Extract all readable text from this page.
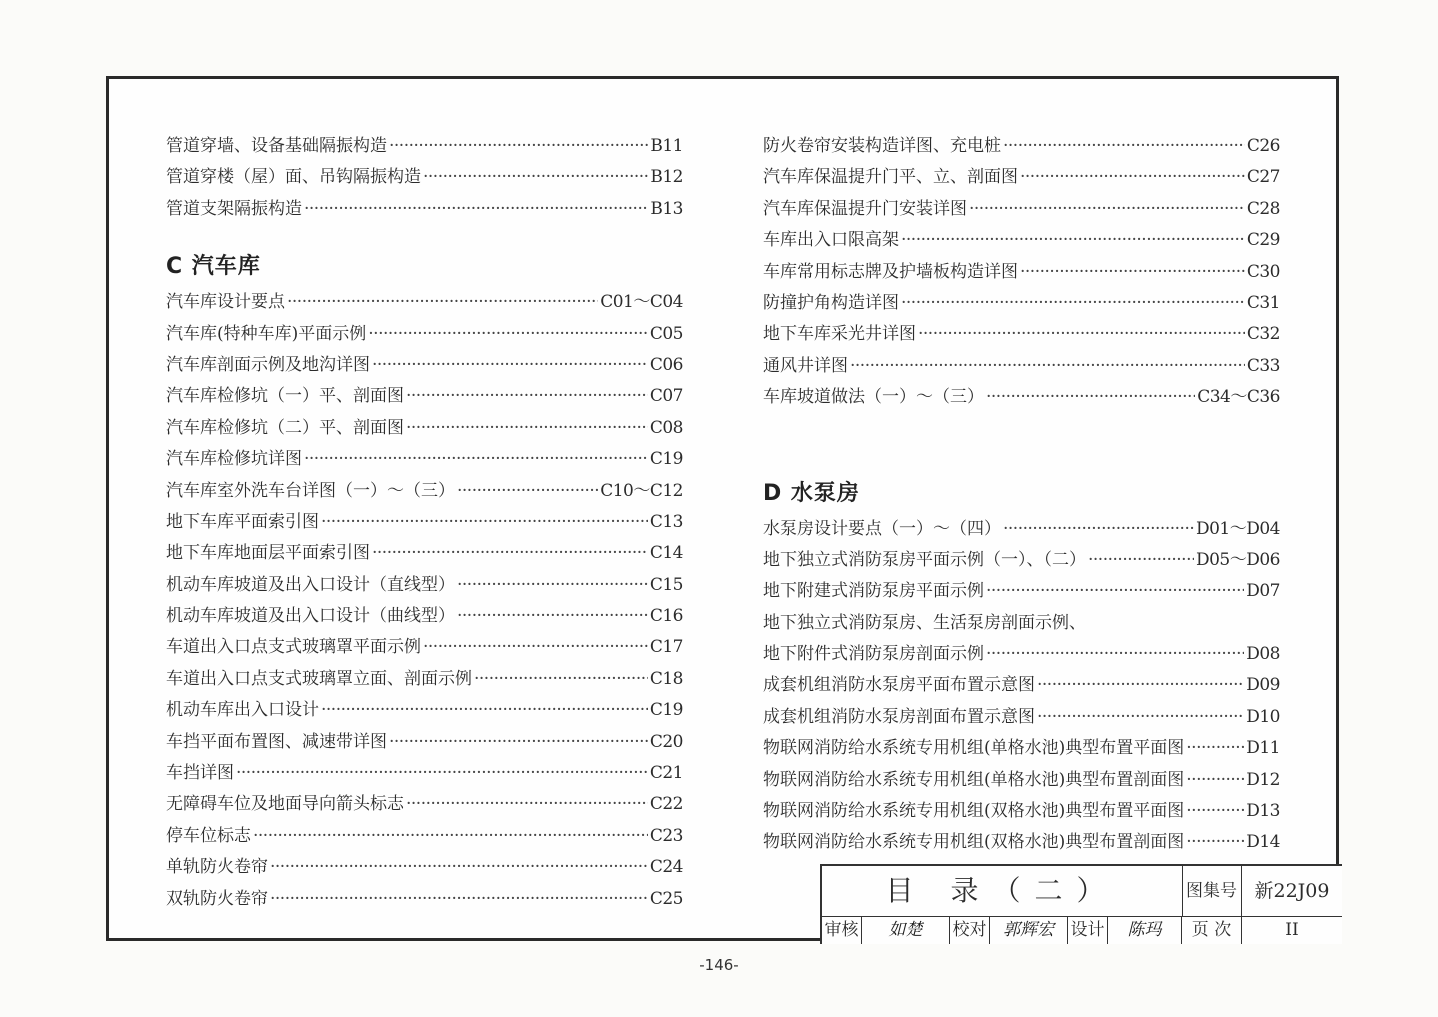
管道穿墙、设备基础隔振构造 ·····	B11
管道穿楼（屋）面、吊钩隔振构造 ·····	B12
管道支架隔振构造 ·····	B13
C 汽车库
汽车库设计要点 ·····	C01～C04
汽车库(特种车库)平面示例 ·····	C05
汽车库剖面示例及地沟详图 ·····	C06
汽车库检修坑（一）平、剖面图 ·····	C07
汽车库检修坑（二）平、剖面图 ·····	C08
汽车库检修坑详图 ·····	C19
汽车库室外洗车台详图（一）～（三） ·····	C10～C12
地下车库平面索引图 ·····	C13
地下车库地面层平面索引图 ·····	C14
机动车库坡道及出入口设计（直线型） ·····	C15
机动车库坡道及出入口设计（曲线型） ·····	C16
车道出入口点支式玻璃罩平面示例 ·····	C17
车道出入口点支式玻璃罩立面、剖面示例 ·····	C18
机动车库出入口设计 ·····	C19
车挡平面布置图、减速带详图 ·····	C20
车挡详图 ·····	C21
无障碍车位及地面导向箭头标志 ·····	C22
停车位标志 ·····	C23
单轨防火卷帘 ·····	C24
双轨防火卷帘 ·····	C25
防火卷帘安装构造详图、充电桩 ·····	C26
汽车库保温提升门平、立、剖面图 ·····	C27
汽车库保温提升门安装详图 ·····	C28
车库出入口限高架 ·····	C29
车库常用标志牌及护墙板构造详图 ·····	C30
防撞护角构造详图 ·····	C31
地下车库采光井详图 ·····	C32
通风井详图 ·····	C33
车库坡道做法（一）～（三） ·····	C34～C36
D 水泵房
水泵房设计要点（一）～（四） ·····	D01～D04
地下独立式消防泵房平面示例（一）、（二） ·····	D05～D06
地下附建式消防泵房平面示例 ·····	D07
地下独立式消防泵房、生活泵房剖面示例、
地下附件式消防泵房剖面示例 ·····	D08
成套机组消防水泵房平面布置示意图 ·····	D09
成套机组消防水泵房剖面布置示意图 ·····	D10
物联网消防给水系统专用机组(单格水池)典型布置平面图 ·····	D11
物联网消防给水系统专用机组(单格水池)典型布置剖面图 ·····	D12
物联网消防给水系统专用机组(双格水池)典型布置平面图 ·····	D13
物联网消防给水系统专用机组(双格水池)典型布置剖面图 ·····	D14
目 录（二）	图集号 新22J09
审核	如楚	校对 郭辉宏 设计	陈玛	页 次	II
-146-
